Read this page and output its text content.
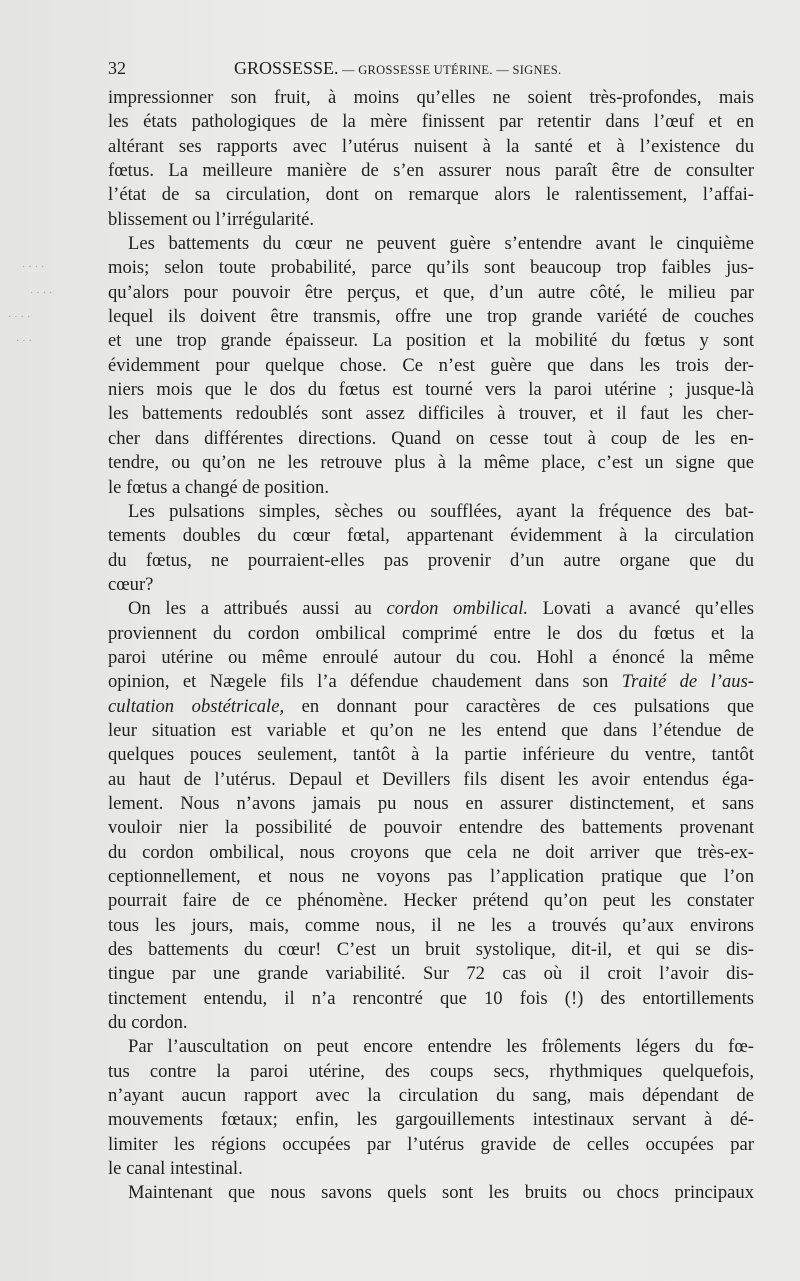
32	GROSSESSE. — GROSSESSE UTÉRINE. — SIGNES.
· · · ·
· · · ·
· · · ·
· · ·
impressionner son fruit, à moins qu’elles ne soient très-profondes, mais
les états pathologiques de la mère finissent par retentir dans l’œuf et en
altérant ses rapports avec l’utérus nuisent à la santé et à l’existence du
fœtus. La meilleure manière de s’en assurer nous paraît être de consulter
l’état de sa circulation, dont on remarque alors le ralentissement, l’affai-
blissement ou l’irrégularité.
Les battements du cœur ne peuvent guère s’entendre avant le cinquième
mois; selon toute probabilité, parce qu’ils sont beaucoup trop faibles jus-
qu’alors pour pouvoir être perçus, et que, d’un autre côté, le milieu par
lequel ils doivent être transmis, offre une trop grande variété de couches
et une trop grande épaisseur. La position et la mobilité du fœtus y sont
évidemment pour quelque chose. Ce n’est guère que dans les trois der-
niers mois que le dos du fœtus est tourné vers la paroi utérine ; jusque-là
les battements redoublés sont assez difficiles à trouver, et il faut les cher-
cher dans différentes directions. Quand on cesse tout à coup de les en-
tendre, ou qu’on ne les retrouve plus à la même place, c’est un signe que
le fœtus a changé de position.
Les pulsations simples, sèches ou soufflées, ayant la fréquence des bat-
tements doubles du cœur fœtal, appartenant évidemment à la circulation
du fœtus, ne pourraient-elles pas provenir d’un autre organe que du
cœur?
On les a attribués aussi au cordon ombilical. Lovati a avancé qu’elles
proviennent du cordon ombilical comprimé entre le dos du fœtus et la
paroi utérine ou même enroulé autour du cou. Hohl a énoncé la même
opinion, et Nægele fils l’a défendue chaudement dans son Traité de l’aus-
cultation obstétricale, en donnant pour caractères de ces pulsations que
leur situation est variable et qu’on ne les entend que dans l’étendue de
quelques pouces seulement, tantôt à la partie inférieure du ventre, tantôt
au haut de l’utérus. Depaul et Devillers fils disent les avoir entendus éga-
lement. Nous n’avons jamais pu nous en assurer distinctement, et sans
vouloir nier la possibilité de pouvoir entendre des battements provenant
du cordon ombilical, nous croyons que cela ne doit arriver que très-ex-
ceptionnellement, et nous ne voyons pas l’application pratique que l’on
pourrait faire de ce phénomène. Hecker prétend qu’on peut les constater
tous les jours, mais, comme nous, il ne les a trouvés qu’aux environs
des battements du cœur! C’est un bruit systolique, dit-il, et qui se dis-
tingue par une grande variabilité. Sur 72 cas où il croit l’avoir dis-
tinctement entendu, il n’a rencontré que 10 fois (!) des entortillements
du cordon.
Par l’auscultation on peut encore entendre les frôlements légers du fœ-
tus contre la paroi utérine, des coups secs, rhythmiques quelquefois,
n’ayant aucun rapport avec la circulation du sang, mais dépendant de
mouvements fœtaux; enfin, les gargouillements intestinaux servant à dé-
limiter les régions occupées par l’utérus gravide de celles occupées par
le canal intestinal.
Maintenant que nous savons quels sont les bruits ou chocs principaux
